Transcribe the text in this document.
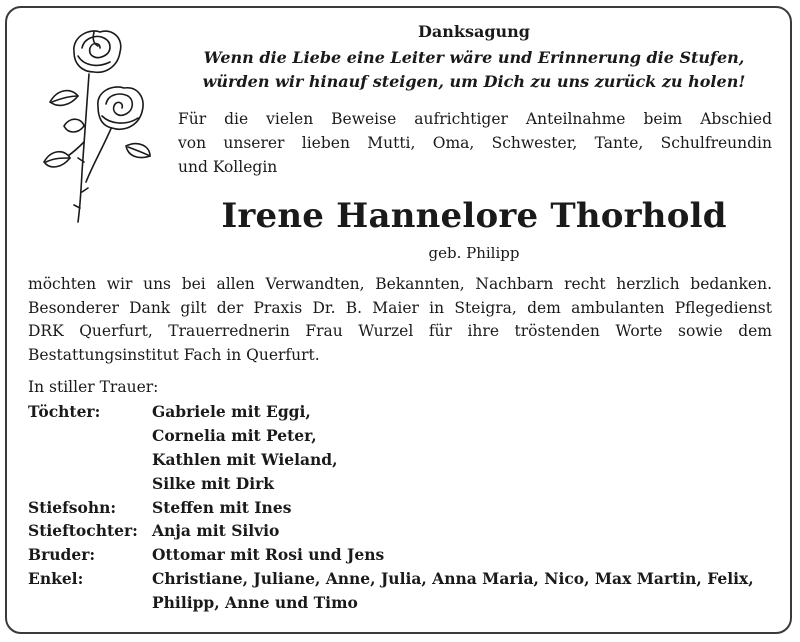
Danksagung
Wenn die Liebe eine Leiter wäre und Erinnerung die Stufen,
würden wir hinauf steigen, um Dich zu uns zurück zu holen!
Für die vielen Beweise aufrichtiger Anteilnahme beim Abschied
von unserer lieben Mutti, Oma, Schwester, Tante, Schulfreundin
und Kollegin
Irene Hannelore Thorhold
geb. Philipp
möchten wir uns bei allen Verwandten, Bekannten, Nachbarn recht herzlich bedanken.
Besonderer Dank gilt der Praxis Dr. B. Maier in Steigra, dem ambulanten Pflegedienst
DRK Querfurt, Trauerrednerin Frau Wurzel für ihre tröstenden Worte sowie dem
Bestattungsinstitut Fach in Querfurt.
In stiller Trauer:
Töchter:	Gabriele mit Eggi,
Cornelia mit Peter,
Kathlen mit Wieland,
Silke mit Dirk
Stiefsohn:	Steffen mit Ines
Stieftochter: Anja mit Silvio
Bruder:	Ottomar mit Rosi und Jens
Enkel:	Christiane, Juliane, Anne, Julia, Anna Maria, Nico, Max Martin, Felix,
Philipp, Anne und Timo
